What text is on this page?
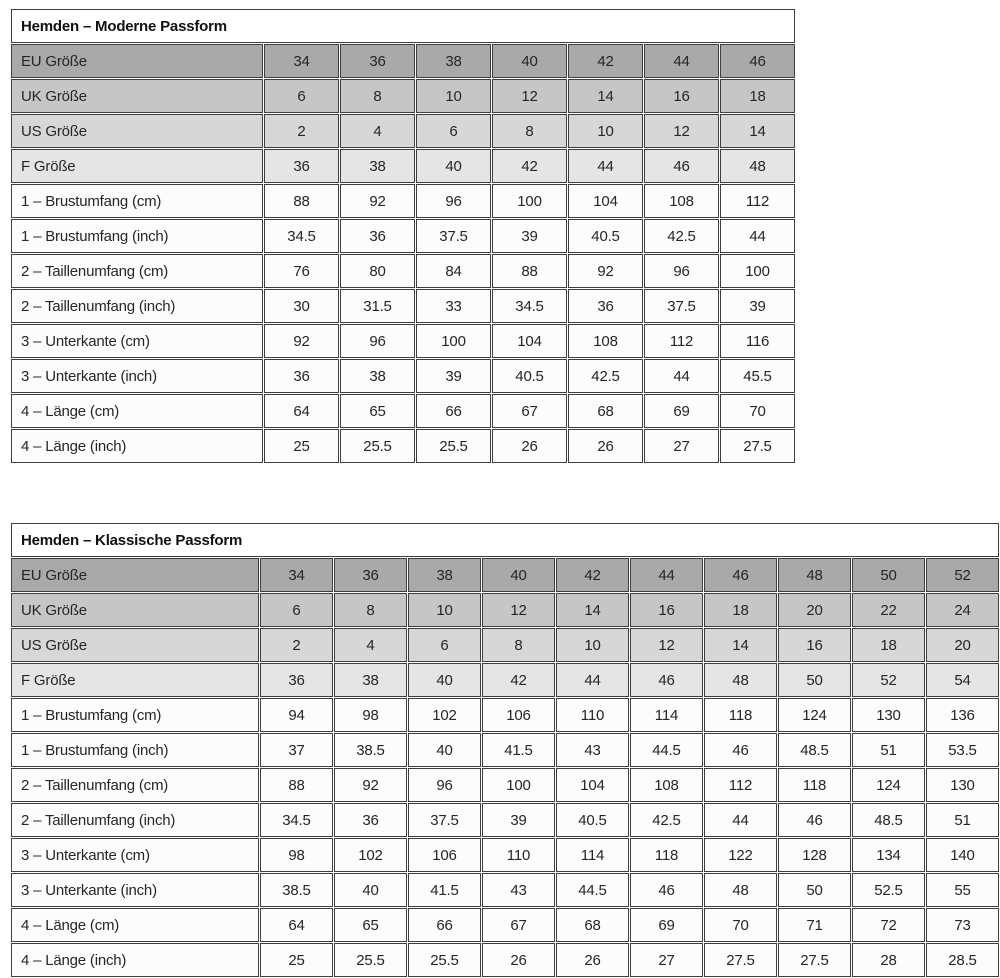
Hemden – Moderne Passform							
EU Größe	34	36	38	40	42	44	46
UK Größe	6	8	10	12	14	16	18
US Größe	2	4	6	8	10	12	14
F Größe	36	38	40	42	44	46	48
1 – Brustumfang (cm)	88	92	96	100	104	108	112
1 – Brustumfang (inch)	34.5	36	37.5	39	40.5	42.5	44
2 – Taillenumfang (cm)	76	80	84	88	92	96	100
2 – Taillenumfang (inch)	30	31.5	33	34.5	36	37.5	39
3 – Unterkante (cm)	92	96	100	104	108	112	116
3 – Unterkante (inch)	36	38	39	40.5	42.5	44	45.5
4 – Länge (cm)	64	65	66	67	68	69	70
4 – Länge (inch)	25	25.5	25.5	26	26	27	27.5
Hemden – Klassische Passform										
EU Größe	34	36	38	40	42	44	46	48	50	52
UK Größe	6	8	10	12	14	16	18	20	22	24
US Größe	2	4	6	8	10	12	14	16	18	20
F Größe	36	38	40	42	44	46	48	50	52	54
1 – Brustumfang (cm)	94	98	102	106	110	114	118	124	130	136
1 – Brustumfang (inch)	37	38.5	40	41.5	43	44.5	46	48.5	51	53.5
2 – Taillenumfang (cm)	88	92	96	100	104	108	112	118	124	130
2 – Taillenumfang (inch)	34.5	36	37.5	39	40.5	42.5	44	46	48.5	51
3 – Unterkante (cm)	98	102	106	110	114	118	122	128	134	140
3 – Unterkante (inch)	38.5	40	41.5	43	44.5	46	48	50	52.5	55
4 – Länge (cm)	64	65	66	67	68	69	70	71	72	73
4 – Länge (inch)	25	25.5	25.5	26	26	27	27.5	27.5	28	28.5
